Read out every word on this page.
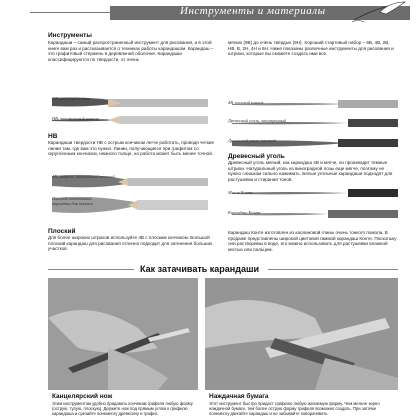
Инструменты и материалы
Инструменты
Карандаши – самый распространенный инструмент для рисования, и в этой книге вам раз и рассказывается о техниках работы карандашом. Карандаш – это графитовый стержень в деревянной оболочке. Карандаши классифицируются по твердости, от очень
мягких (9B) до очень твердых (9H). Хороший стартовый набор – 6B, 4B, 2B, HB, B, 2H, 4H и 6H. Ниже показаны различные инструменты для рисования и штрихи, которые вы сможете создать ими все.
HB, широкий кончик
HB, заостренный кончик
HB
Карандаши твердости HB с острым кончиком легче работать, проводя четкие линии там, где вам это нужно. Линии, получающиеся при графитом со скругленным кончиком, немного толще, но работа может быть менее точной.
4B, графит, заточенный плоский
Плоский заточенный карандаш для эскизов
Плоский
Для более широких штрихов используйте 4B с плоским кончиком. Большой плоский карандаш для рисования отлично подходит для затенения больших участков.
4B, плоский кончик
Древесный уголь, заостренный
Древесный уголь, плоский
Древесный уголь
Древесный уголь мягкий, как карандаш 4B и мягче, он производит темные штрихи. Натуральный уголь из виноградной лозы еще мягче, поэтому не нужно слишком сильно нажимать. Белые угольные карандаши подходят для растушевки и стирания тонов.
Мелок Конте
Карандаш Конте
Карандаш Конте изготовлен из каолиновой глины очень тонкого помола. В продаже представлены широкой цветовой гаммой карандаш Конте. Поскольку они растворимы в воде, его можно использовать для растушевки влажной кистью или пальцем.
Как затачивать карандаши
Канцелярский нож
Этим инструментом удобно придавать кончикам грифеля любую форму (острую, тупую, плоскую). Держите нож под прямым углом к грифелю карандаша и срезайте понемногу древесину и графит.
Наждачная бумага
Этот инструмент быстро придаст грифелю любую желаемую форму. Чем мельче зерно наждачной бумаги, тем более острую форму грифеля возможно создать. При заточке понемногу двигайте карандаш и не забывайте поворачивать.
